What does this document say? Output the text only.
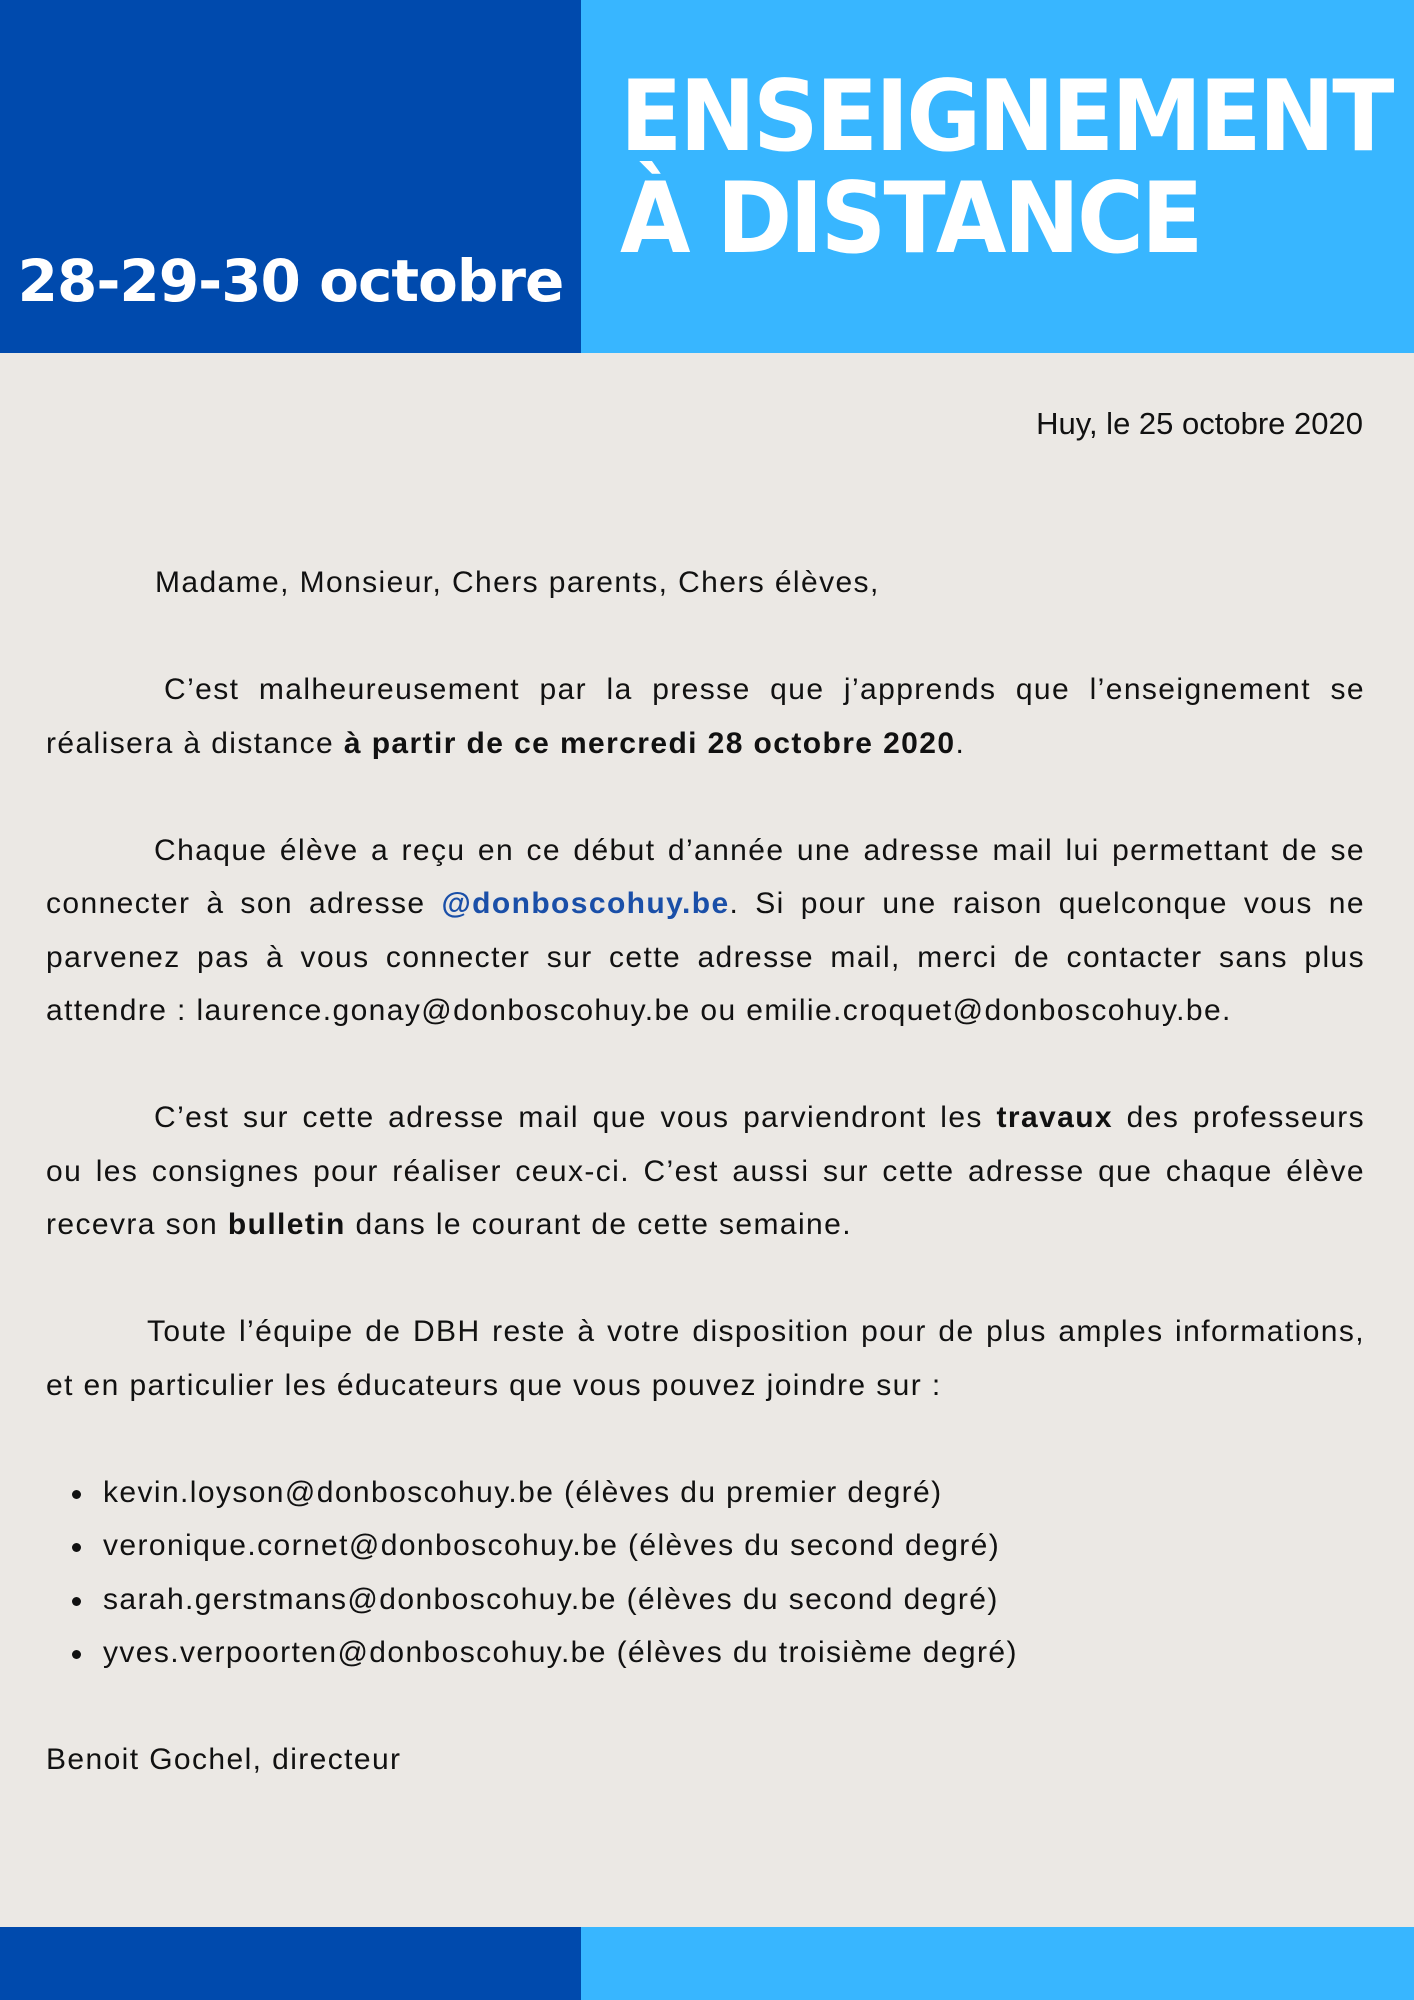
28-29-30 octobre
ENSEIGNEMENT
À DISTANCE
Huy, le 25 octobre 2020

Madame, Monsieur, Chers parents, Chers élèves,

C’est malheureusement par la presse que j’apprends que l’enseignement se réalisera à distance à partir de ce mercredi 28 octobre 2020.

Chaque élève a reçu en ce début d’année une adresse mail lui permettant de se connecter à son adresse @donboscohuy.be. Si pour une raison quelconque vous ne parvenez pas à vous connecter sur cette adresse mail, merci de contacter sans plus attendre : laurence.gonay@donboscohuy.be ou emilie.croquet@donboscohuy.be.

C’est sur cette adresse mail que vous parviendront les travaux des professeurs ou les consignes pour réaliser ceux-ci. C’est aussi sur cette adresse que chaque élève recevra son bulletin dans le courant de cette semaine.

Toute l’équipe de DBH reste à votre disposition pour de plus amples informations, et en particulier les éducateurs que vous pouvez joindre sur :

kevin.loyson@donboscohuy.be (élèves du premier degré)
veronique.cornet@donboscohuy.be (élèves du second degré)
sarah.gerstmans@donboscohuy.be (élèves du second degré)
yves.verpoorten@donboscohuy.be (élèves du troisième degré)

Benoit Gochel, directeur
